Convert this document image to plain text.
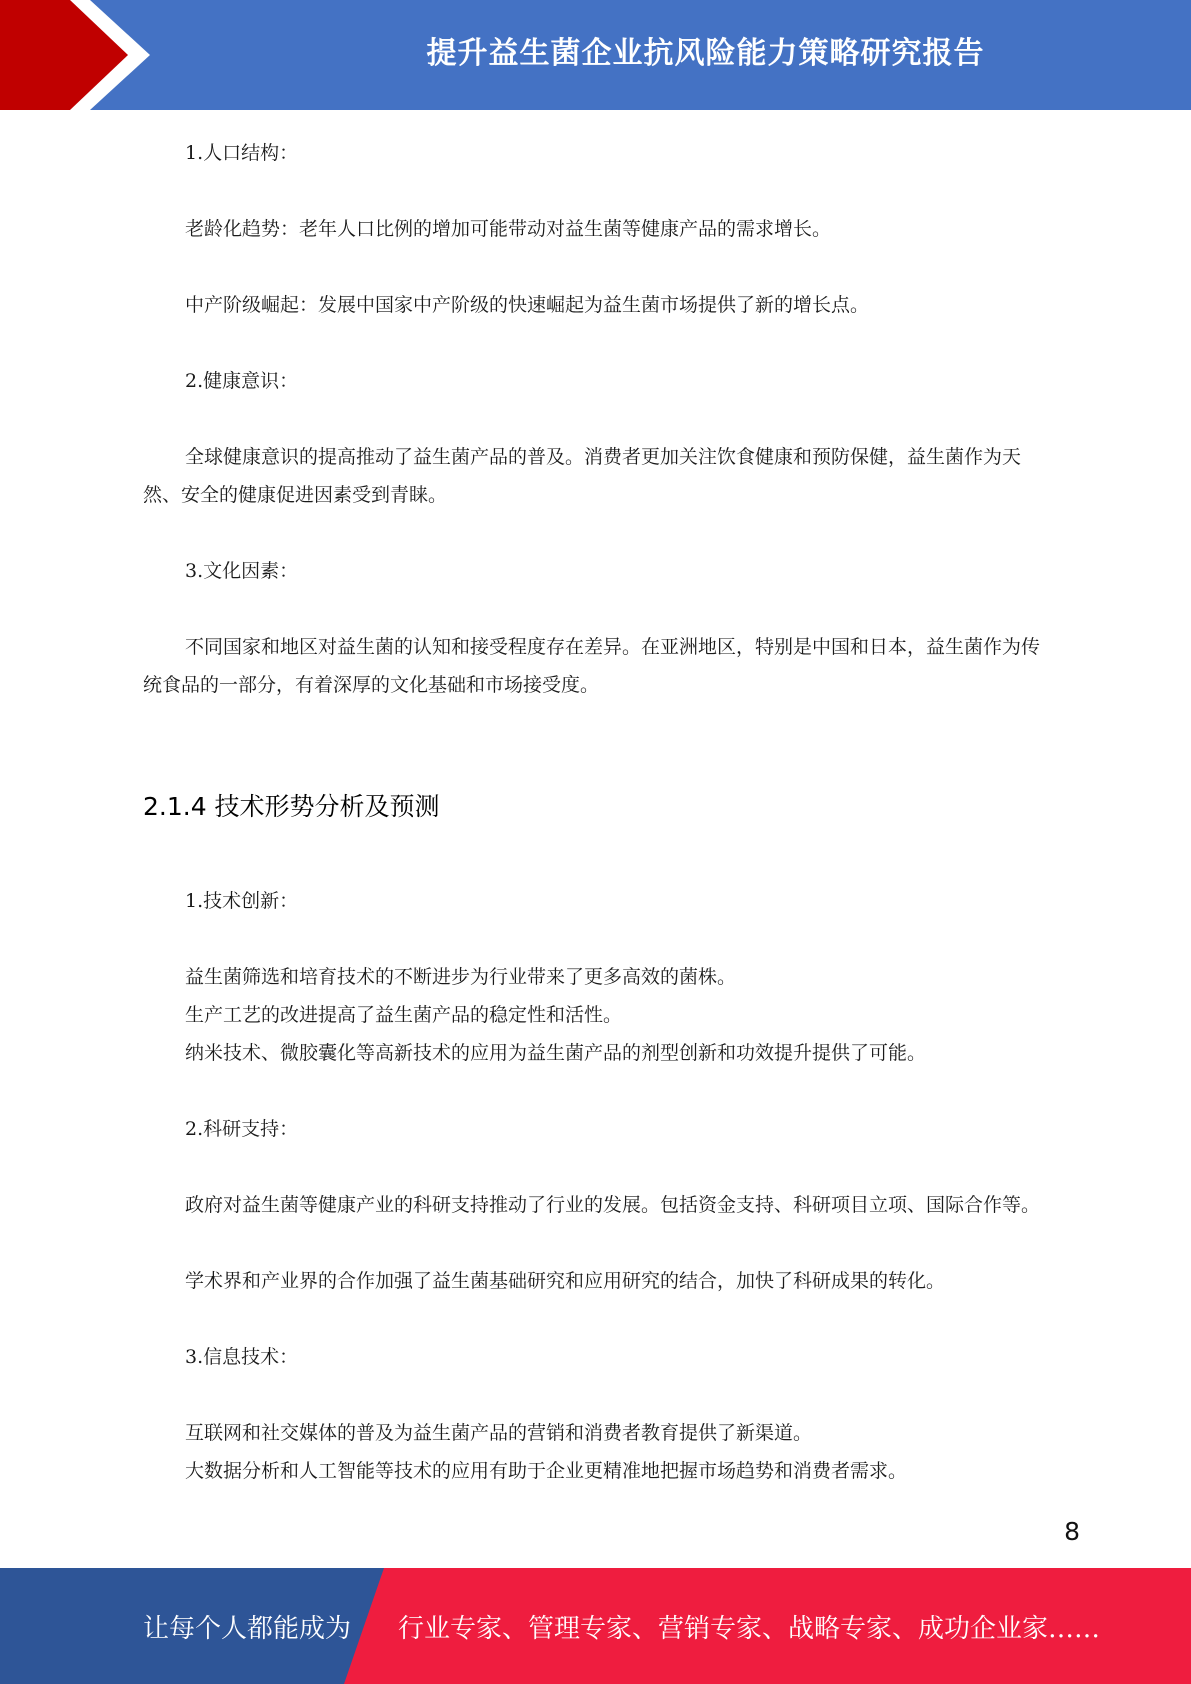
提升益生菌企业抗风险能力策略研究报告
1.人口结构：
老龄化趋势：老年人口比例的增加可能带动对益生菌等健康产品的需求增长。
中产阶级崛起：发展中国家中产阶级的快速崛起为益生菌市场提供了新的增长点。
2.健康意识：
全球健康意识的提高推动了益生菌产品的普及。消费者更加关注饮食健康和预防保健，益生菌作为天然、安全的健康促进因素受到青睐。
3.文化因素：
不同国家和地区对益生菌的认知和接受程度存在差异。在亚洲地区，特别是中国和日本，益生菌作为传统食品的一部分，有着深厚的文化基础和市场接受度。
2.1.4 技术形势分析及预测
1.技术创新：
益生菌筛选和培育技术的不断进步为行业带来了更多高效的菌株。
生产工艺的改进提高了益生菌产品的稳定性和活性。
纳米技术、微胶囊化等高新技术的应用为益生菌产品的剂型创新和功效提升提供了可能。
2.科研支持：
政府对益生菌等健康产业的科研支持推动了行业的发展。包括资金支持、科研项目立项、国际合作等。
学术界和产业界的合作加强了益生菌基础研究和应用研究的结合，加快了科研成果的转化。
3.信息技术：
互联网和社交媒体的普及为益生菌产品的营销和消费者教育提供了新渠道。
大数据分析和人工智能等技术的应用有助于企业更精准地把握市场趋势和消费者需求。
8
让每个人都能成为 行业专家、管理专家、营销专家、战略专家、成功企业家……
